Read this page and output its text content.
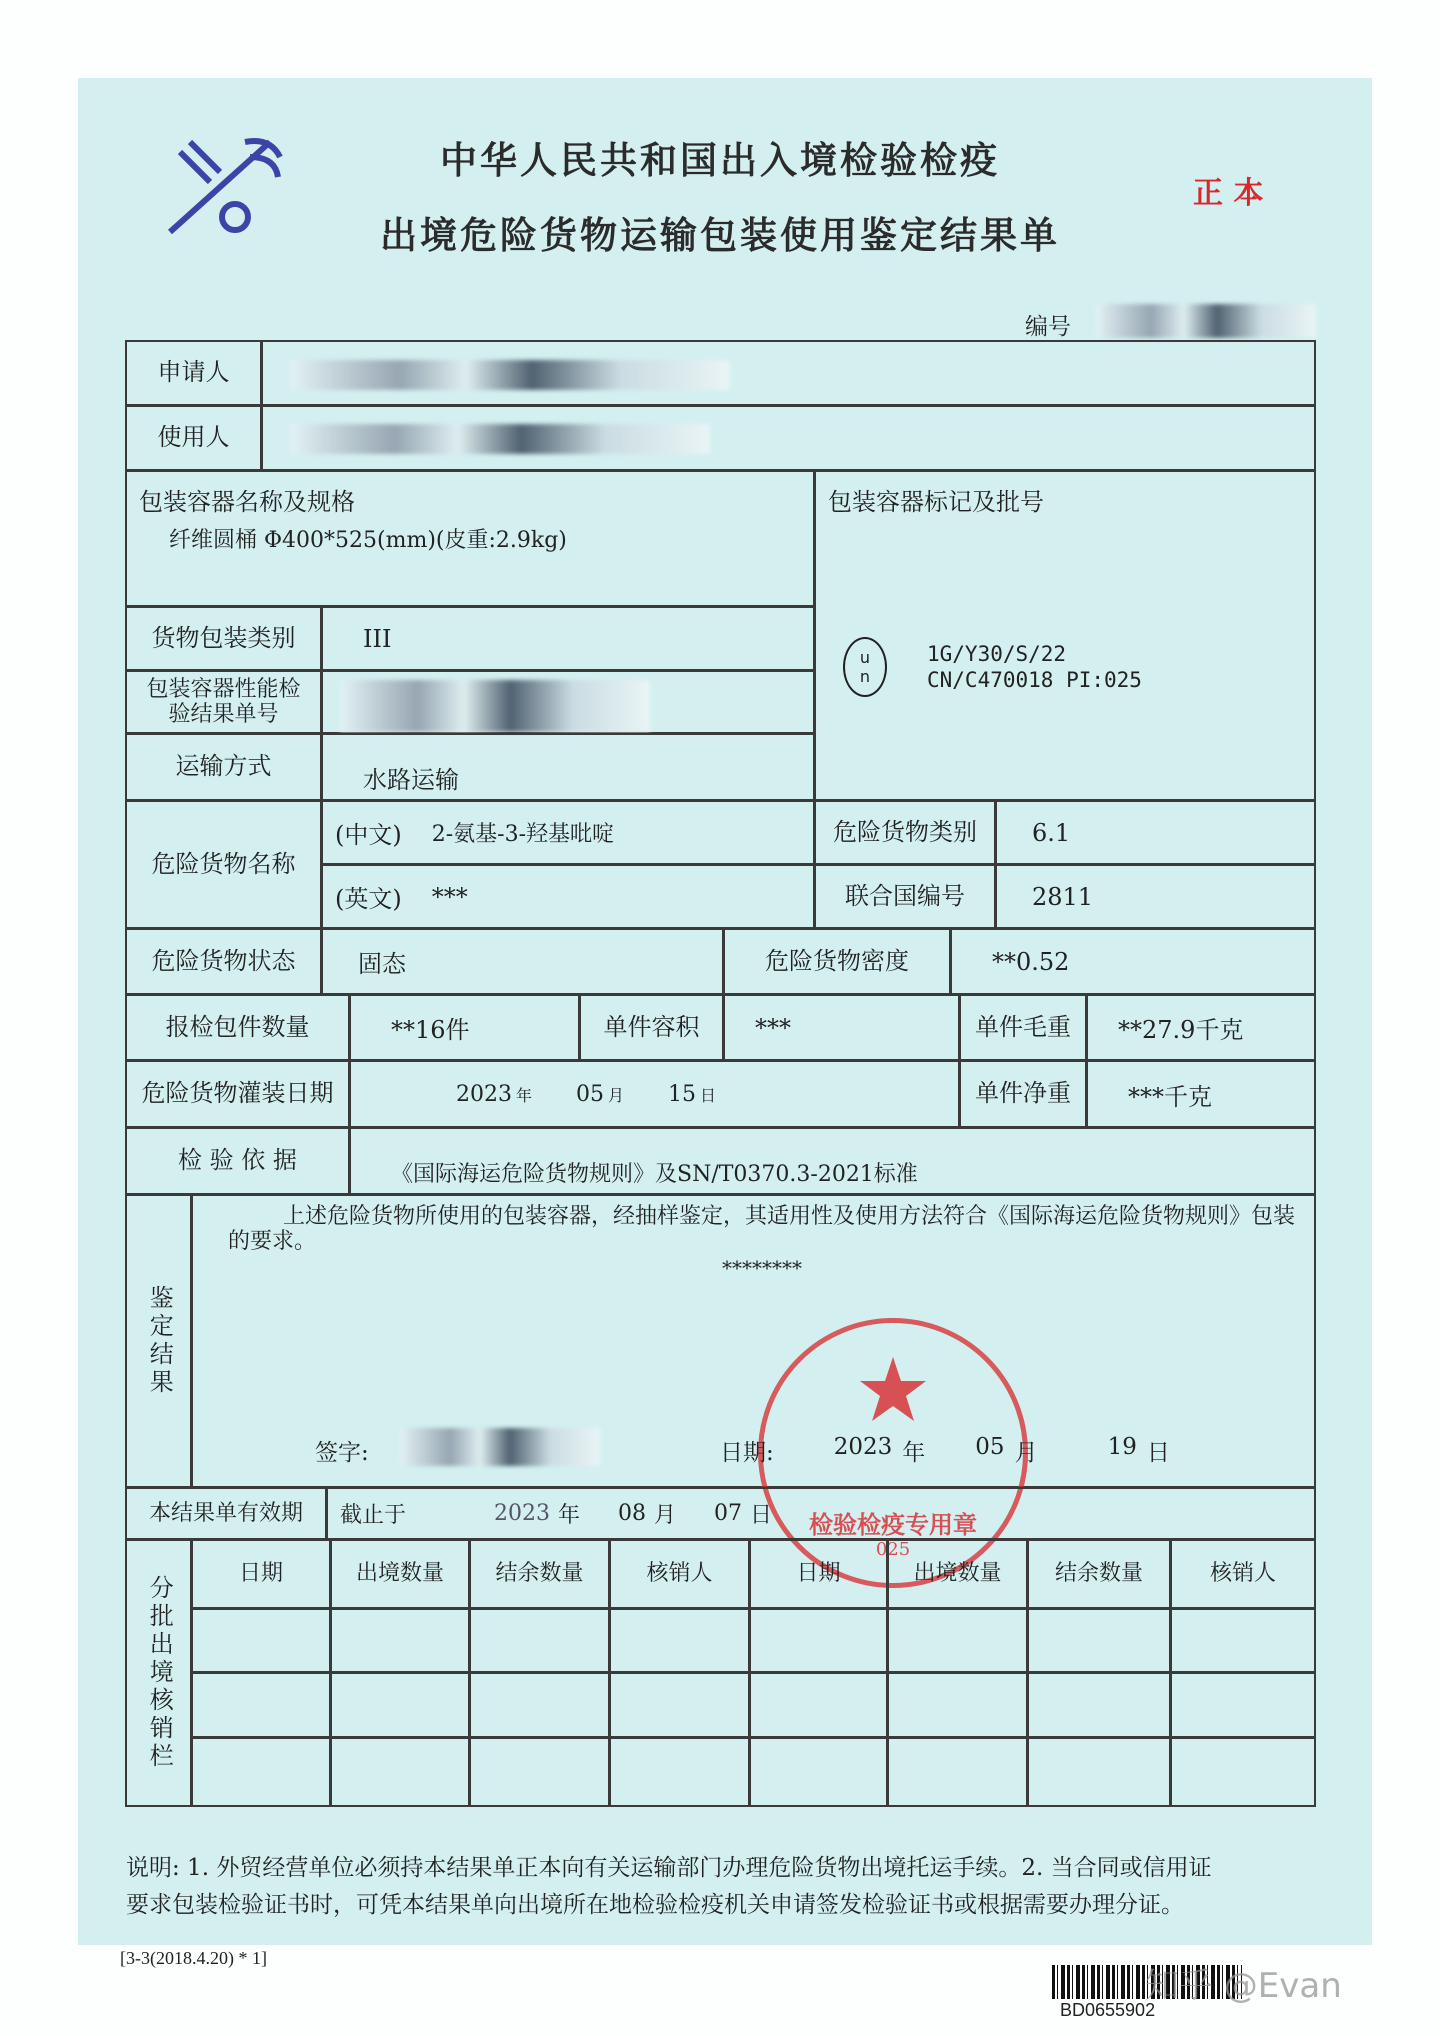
中华人民共和国出入境检验检疫
出境危险货物运输包装使用鉴定结果单
正 本
编号
申请人
使用人
包装容器名称及规格
纤维圆桶 Φ400*525(mm)(皮重:2.9kg)
包装容器标记及批号
u
n
1G/Y30/S/22
CN/C470018 PI:025
货物包装类别	III
包装容器性能检验结果单号
运输方式	水路运输
危险货物名称
(中文) 2-氨基-3-羟基吡啶
(英文) ***
危险货物类别	6.1
联合国编号	2811
危险货物状态	固态	危险货物密度	**0.52
报检包件数量	**16件	单件容积	***	单件毛重	**27.9千克
危险货物灌装日期	2023 年 05 月 15 日	单件净重	***千克
检 验 依 据	《国际海运危险货物规则》及SN/T0370.3-2021标准
鉴定结果
上述危险货物所使用的包装容器，经抽样鉴定，其适用性及使用方法符合《国际海运危险货物规则》包装的要求。
********
检验检疫专用章
025
签字:	日期:	2023 年 05 月	19 日
本结果单有效期	截止于	2023 年 08 月 07 日
分批出境核销栏
日期	出境数量	结余数量	核销人	日期	出境数量	结余数量	核销人
说明: 1. 外贸经营单位必须持本结果单正本向有关运输部门办理危险货物出境托运手续。2. 当合同或信用证
要求包装检验证书时，可凭本结果单向出境所在地检验检疫机关申请签发检验证书或根据需要办理分证。
[3-3(2018.4.20) * 1]
BD0655902
知乎 @Evan
